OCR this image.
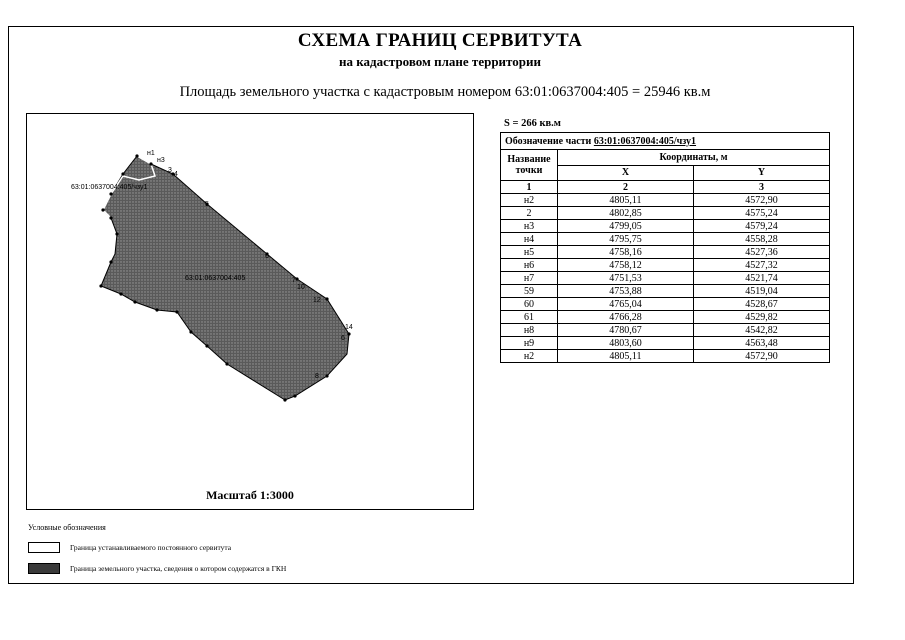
СХЕМА ГРАНИЦ СЕРВИТУТА
на кадастровом плане территории
Площадь земельного участка с кадастровым номером 63:01:0637004:405 = 25946 кв.м
63:01:0637004:405/чзу1
63:01:0637004:405
н1
н3
3
4
5
6
7
10
12
14
6
8
Масштаб 1:3000
S = 266 кв.м
Обозначение части 63:01:0637004:405/чзу1		
Название точки	Координаты, м	
	X	Y
1	2	3
н2	4805,11	4572,90
2	4802,85	4575,24
н3	4799,05	4579,24
н4	4795,75	4558,28
н5	4758,16	4527,36
н6	4758,12	4527,32
н7	4751,53	4521,74
59	4753,88	4519,04
60	4765,04	4528,67
61	4766,28	4529,82
н8	4780,67	4542,82
н9	4803,60	4563,48
н2	4805,11	4572,90
Условные обозначения
Граница устанавливаемого постоянного сервитута
Граница земельного участка, сведения о котором содержатся в ГКН
